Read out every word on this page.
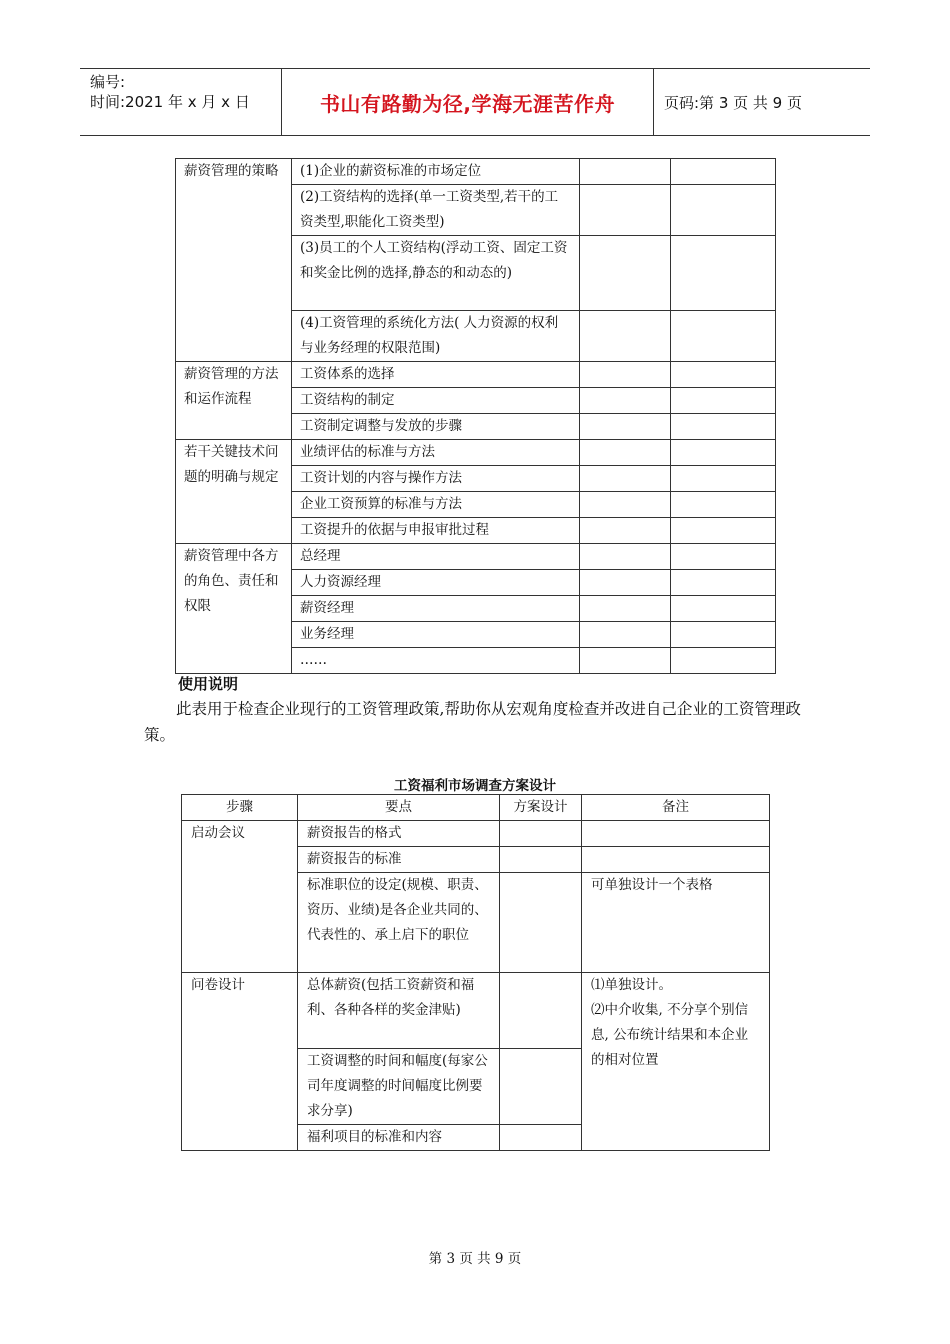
编号:
时间:2021 年 x 月 x 日	书山有路勤为径,学海无涯苦作舟	页码:第 3 页 共 9 页
薪资管理的策略	(1)企业的薪资标准的市场定位		
	(2)工资结构的选择(单一工资类型,若干的工资类型,职能化工资类型)		
	(3)员工的个人工资结构(浮动工资、固定工资和奖金比例的选择,静态的和动态的)		
	(4)工资管理的系统化方法( 人力资源的权利与业务经理的权限范围)		
薪资管理的方法和运作流程	工资体系的选择		
	工资结构的制定		
	工资制定调整与发放的步骤		
若干关键技术问题的明确与规定	业绩评估的标准与方法		
	工资计划的内容与操作方法		
	企业工资预算的标准与方法		
	工资提升的依据与申报审批过程		
薪资管理中各方的角色、责任和权限	总经理		
	人力资源经理		
	薪资经理		
	业务经理		
	……		
使用说明
此表用于检查企业现行的工资管理政策,帮助你从宏观角度检查并改进自己企业的工资管理政策。
工资福利市场调查方案设计
步骤	要点	方案设计	备注
启动会议	薪资报告的格式		
	薪资报告的标准		
	标准职位的设定(规模、职责、资历、业绩)是各企业共同的、代表性的、承上启下的职位		可单独设计一个表格
问卷设计	总体薪资(包括工资薪资和福利、各种各样的奖金津贴)		⑴单独设计。
⑵中介收集, 不分享个别信息, 公布统计结果和本企业的相对位置

	工资调整的时间和幅度(每家公司年度调整的时间幅度比例要求分享)		
	福利项目的标准和内容		
第 3 页 共 9 页
